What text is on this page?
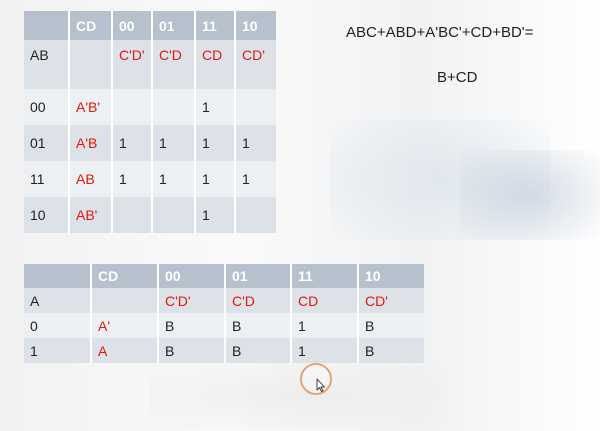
	CD	00	01	11	10
AB		C'D'	C'D	CD	CD'
00	A'B'			1	
01	A'B	1	1	1	1
11	AB	1	1	1	1
10	AB'			1	
ABC+ABD+A'BC'+CD+BD'=
B+CD
	CD	00	01	11	10
A		C'D'	C'D	CD	CD'
0	A'	B	B	1	B
1	A	B	B	1	B
